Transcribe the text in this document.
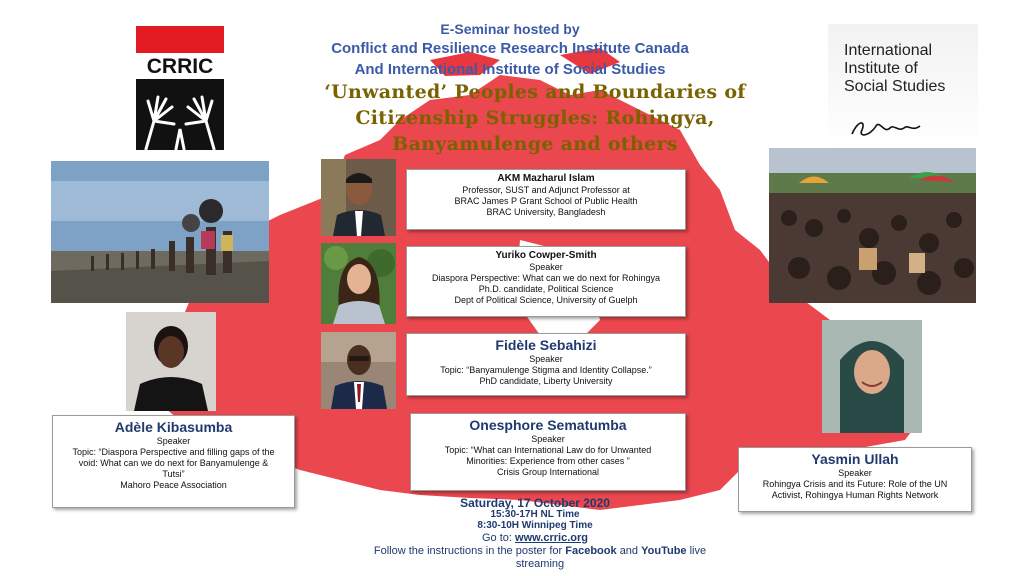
E-Seminar hosted by
Conflict and Resilience Research Institute Canada
And International Institute of Social Studies
‘Unwanted’ Peoples and Boundaries of
Citizenship Struggles: Rohingya,
Banyamulenge and others
CRRIC
International
Institute of
Social Studies
AKM Mazharul Islam
Professor, SUST and Adjunct Professor at
BRAC James P Grant School of Public Health
BRAC University, Bangladesh
Yuriko Cowper-Smith
Speaker
Diaspora Perspective: What can we do next for Rohingya
Ph.D. candidate, Political Science
Dept of Political Science, University of Guelph
Fidèle Sebahizi
Speaker
Topic: “Banyamulenge Stigma and Identity Collapse.”
PhD candidate, Liberty University
Onesphore Sematumba
Speaker
Topic: “What can International Law do for Unwanted
Minorities: Experience from other cases ”
Crisis Group International
Adèle Kibasumba
Speaker
Topic: “Diaspora Perspective and filling gaps of the
void: What can we do next for Banyamulenge &
Tutsi”
Mahoro Peace Association
Yasmin Ullah
Speaker
Rohingya Crisis and its Future: Role of the UN
Activist, Rohingya Human Rights Network
Saturday, 17 October 2020
15:30-17H NL Time
8:30-10H Winnipeg Time
Go to: www.crric.org
Follow the instructions in the poster for Facebook and YouTube live
streaming
